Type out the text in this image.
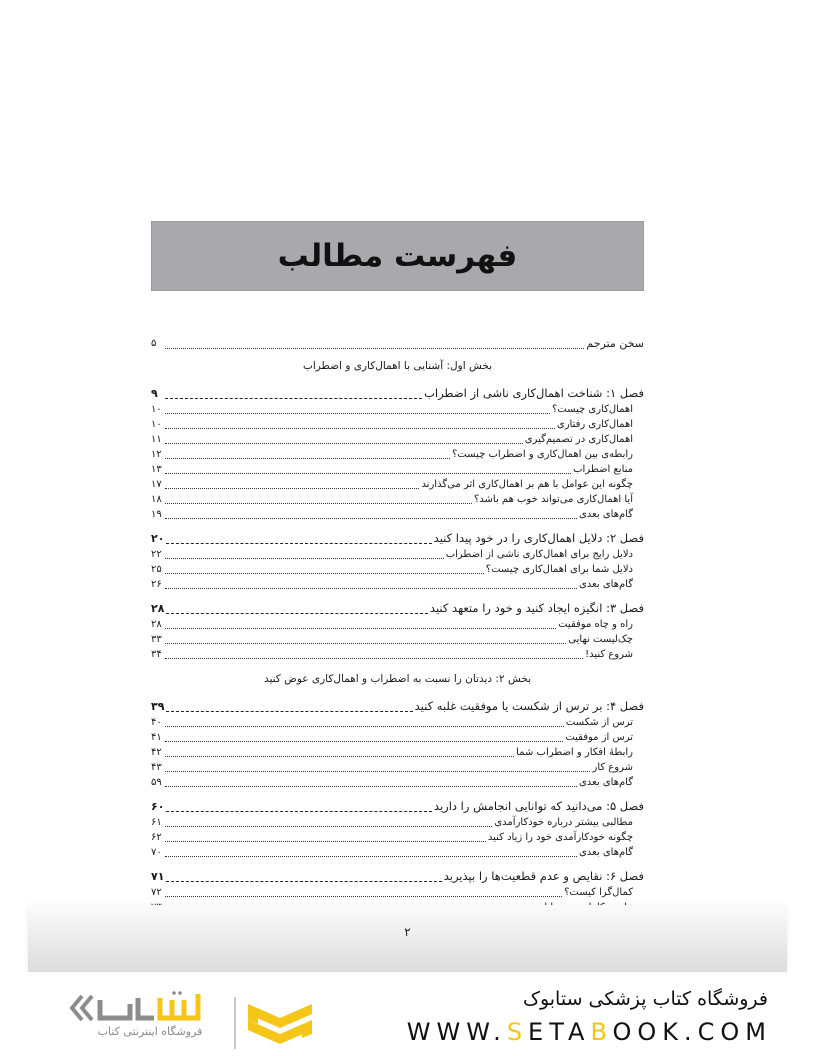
فهرست مطالب
سخن مترجم
۵
بخش اول: آشنایی با اهمال‌کاری و اضطراب
فصل ۱: شناخت اهمال‌کاری ناشی از اضطراب
۹
اهمال‌کاری چیست؟
۱۰
اهمال‌کاری رفتاری
۱۰
اهمال‌کاری در تصمیم‌گیری
۱۱
رابطه‌ی بین اهمال‌کاری و اضطراب چیست؟
۱۲
منابع اضطراب
۱۳
چگونه این عوامل با هم بر اهمال‌کاری اثر می‌گذارند
۱۷
آیا اهمال‌کاری می‌تواند خوب هم باشد؟
۱۸
گام‌های بعدی
۱۹
فصل ۲: دلایل اهمال‌کاری را در خود پیدا کنید
۲۰
دلایل رایج برای اهمال‌کاری ناشی از اضطراب
۲۲
دلایل شما برای اهمال‌کاری چیست؟
۲۵
گام‌های بعدی
۲۶
فصل ۳: انگیزه ایجاد کنید و خود را متعهد کنید
۲۸
راه و چاه موفقیت
۲۸
چک‌لیست نهایی
۳۳
شروع کنید!
۳۴
بخش ۲: دیدتان را نسبت به اضطراب و اهمال‌کاری عوض کنید
فصل ۴: بر ترس از شکست یا موفقیت غلبه کنید
۳۹
ترس از شکست
۴۰
ترس از موفقیت
۴۱
رابطهٔ افکار و اضطراب شما
۴۲
شروع کار
۴۳
گام‌های بعدی
۵۹
فصل ۵: می‌دانید که توانایی انجامش را دارید
۶۰
مطالبی بیشتر درباره خودکارآمدی
۶۱
چگونه خودکارآمدی خود را زیاد کنید
۶۲
گام‌های بعدی
۷۰
فصل ۶: نقایص و عدم قطعیت‌ها را بپذیرید
۷۱
کمال‌گرا کیست؟
۷۲
۲
فروشگاه اینترنتی کتاب
فروشگاه کتاب پزشکی ستابوک
WWW.SETABOOK.COM
